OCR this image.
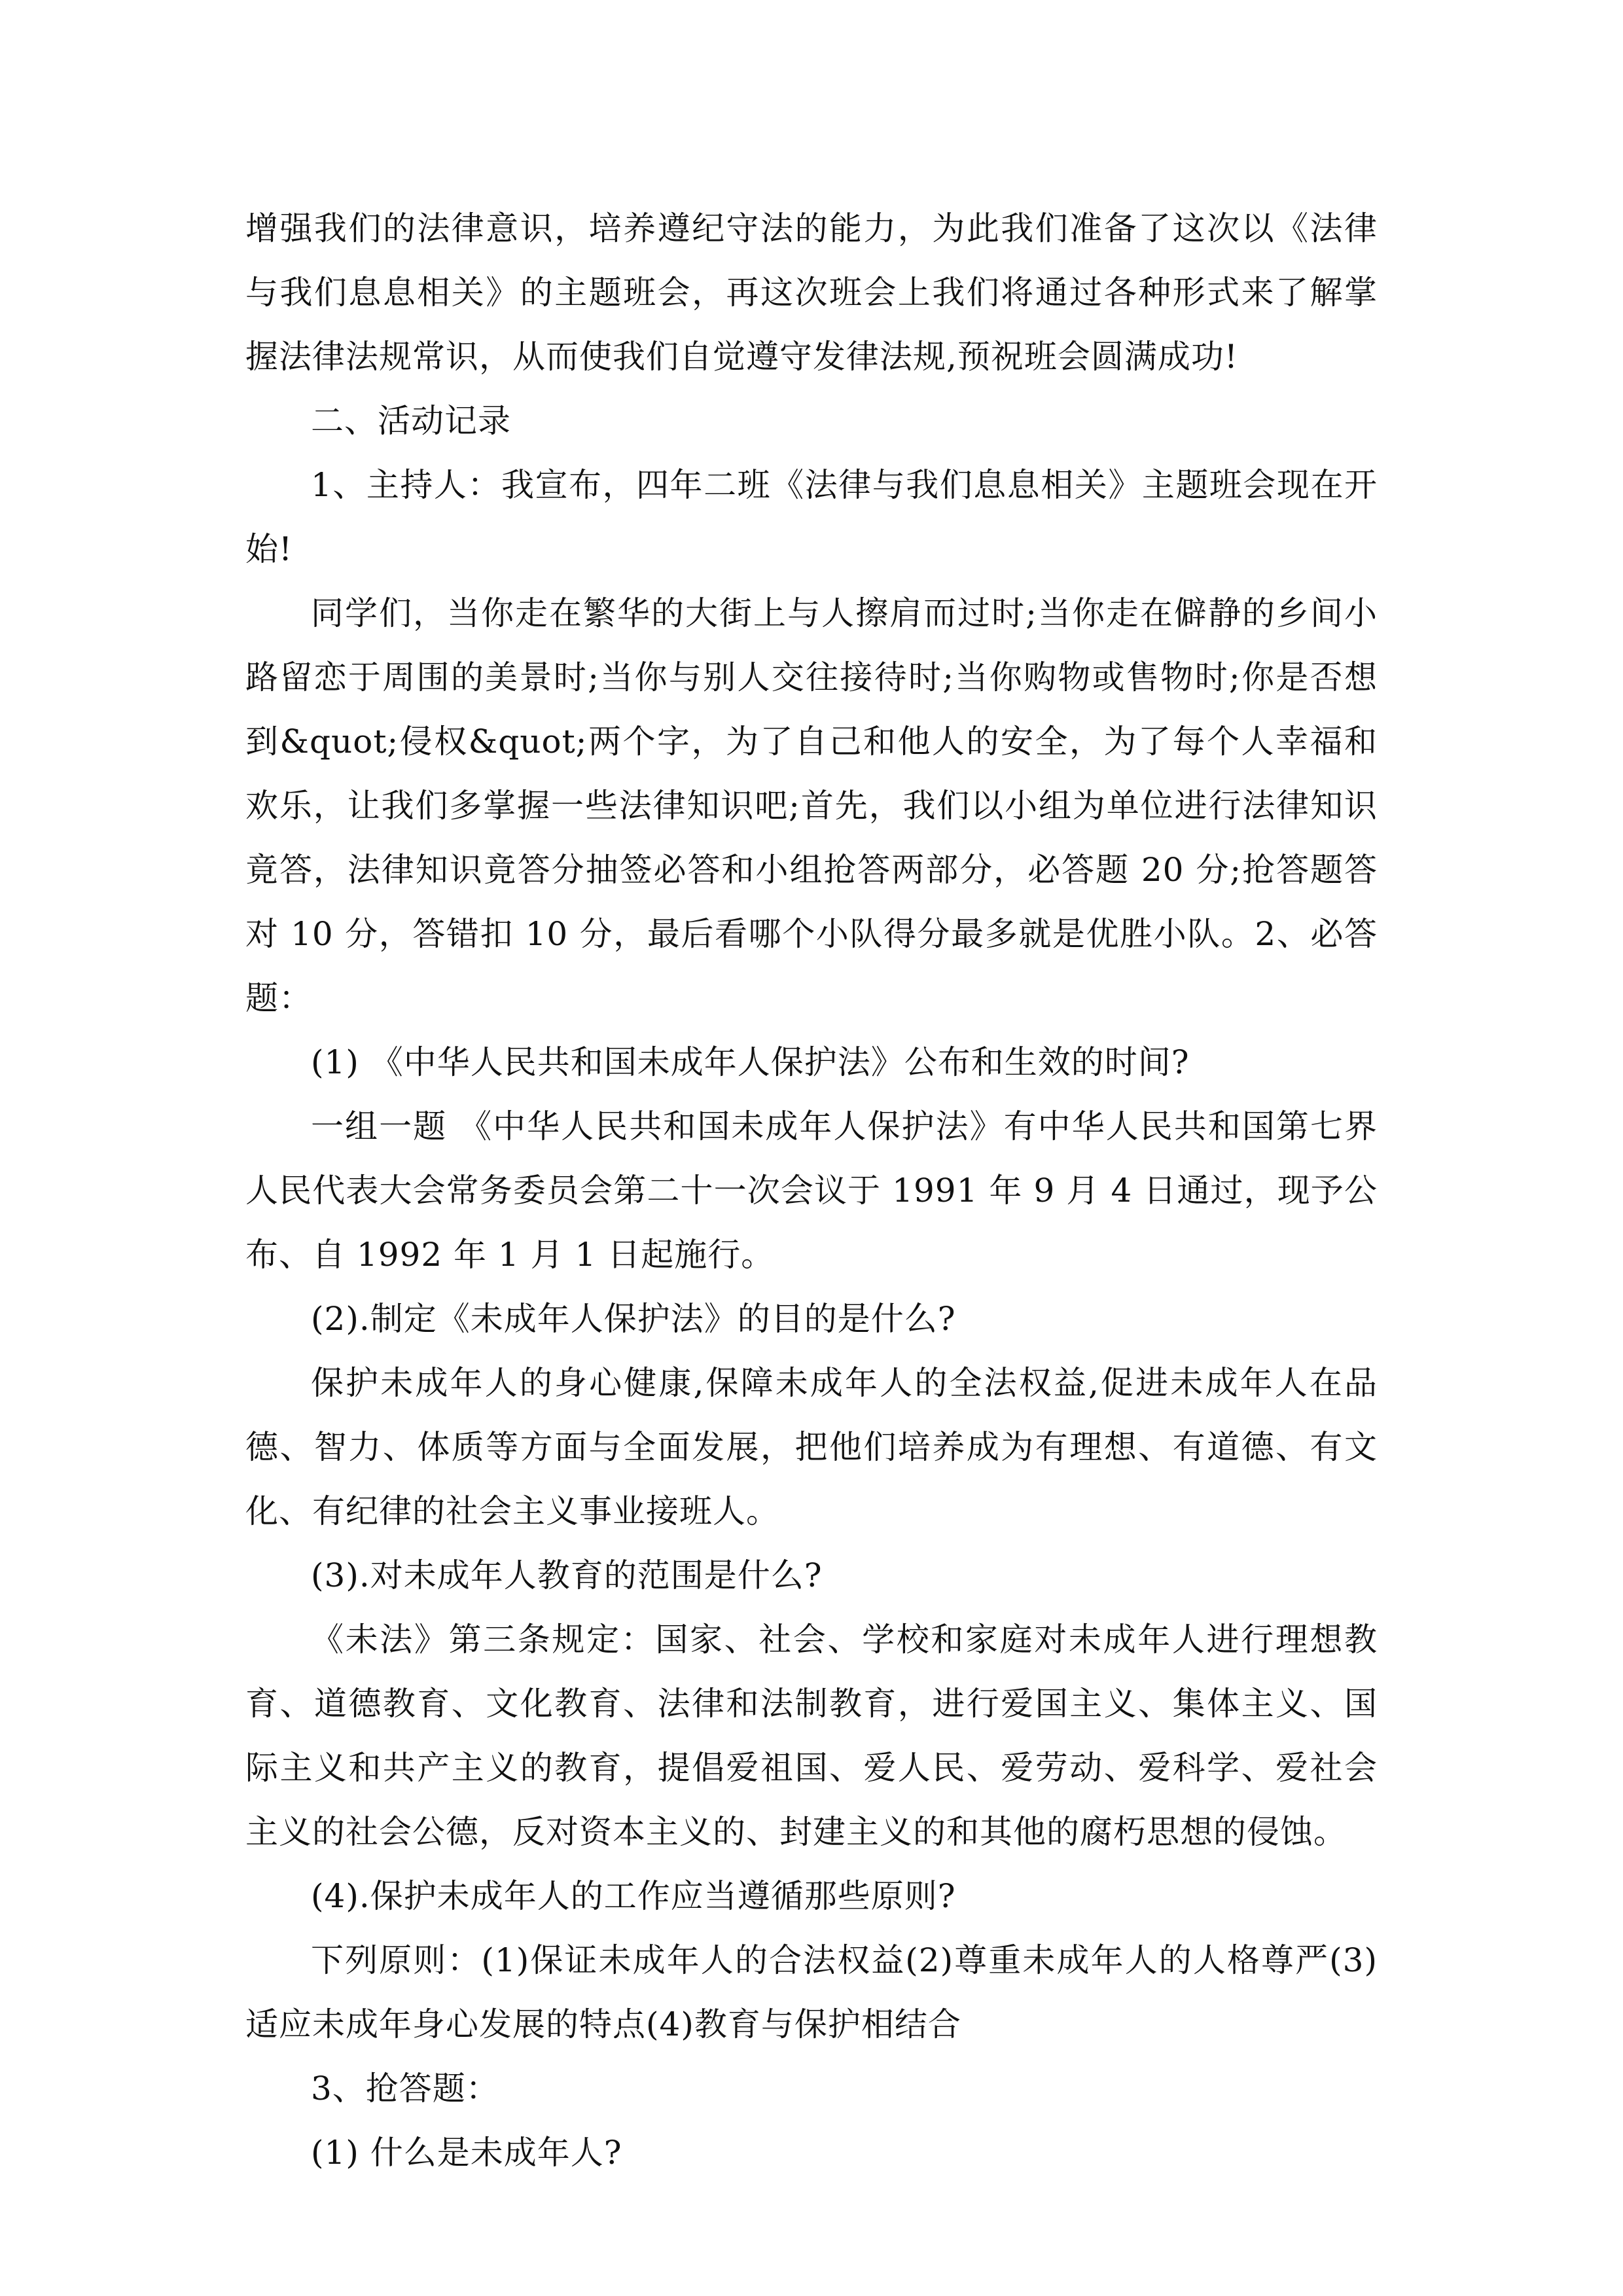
增强我们的法律意识，培养遵纪守法的能力，为此我们准备了这次以《法律与我们息息相关》的主题班会，再这次班会上我们将通过各种形式来了解掌握法律法规常识，从而使我们自觉遵守发律法规,预祝班会圆满成功!

二、活动记录

1、主持人：我宣布，四年二班《法律与我们息息相关》主题班会现在开始!

同学们，当你走在繁华的大街上与人擦肩而过时;当你走在僻静的乡间小路留恋于周围的美景时;当你与别人交往接待时;当你购物或售物时;你是否想到&quot;侵权&quot;两个字，为了自己和他人的安全，为了每个人幸福和欢乐，让我们多掌握一些法律知识吧;首先，我们以小组为单位进行法律知识竟答，法律知识竟答分抽签必答和小组抢答两部分，必答题 20 分;抢答题答对 10 分，答错扣 10 分，最后看哪个小队得分最多就是优胜小队。2、必答题：

(1) 《中华人民共和国未成年人保护法》公布和生效的时间?

一组一题 《中华人民共和国未成年人保护法》有中华人民共和国第七界人民代表大会常务委员会第二十一次会议于 1991 年 9 月 4 日通过，现予公布、自 1992 年 1 月 1 日起施行。

(2).制定《未成年人保护法》的目的是什么?

保护未成年人的身心健康,保障未成年人的全法权益,促进未成年人在品德、智力、体质等方面与全面发展，把他们培养成为有理想、有道德、有文化、有纪律的社会主义事业接班人。

(3).对未成年人教育的范围是什么?

《未法》第三条规定：国家、社会、学校和家庭对未成年人进行理想教育、道德教育、文化教育、法律和法制教育，进行爱国主义、集体主义、国际主义和共产主义的教育，提倡爱祖国、爱人民、爱劳动、爱科学、爱社会主义的社会公德，反对资本主义的、封建主义的和其他的腐朽思想的侵蚀。

(4).保护未成年人的工作应当遵循那些原则?

下列原则：(1)保证未成年人的合法权益(2)尊重未成年人的人格尊严(3)适应未成年身心发展的特点(4)教育与保护相结合

3、抢答题：

(1) 什么是未成年人?
